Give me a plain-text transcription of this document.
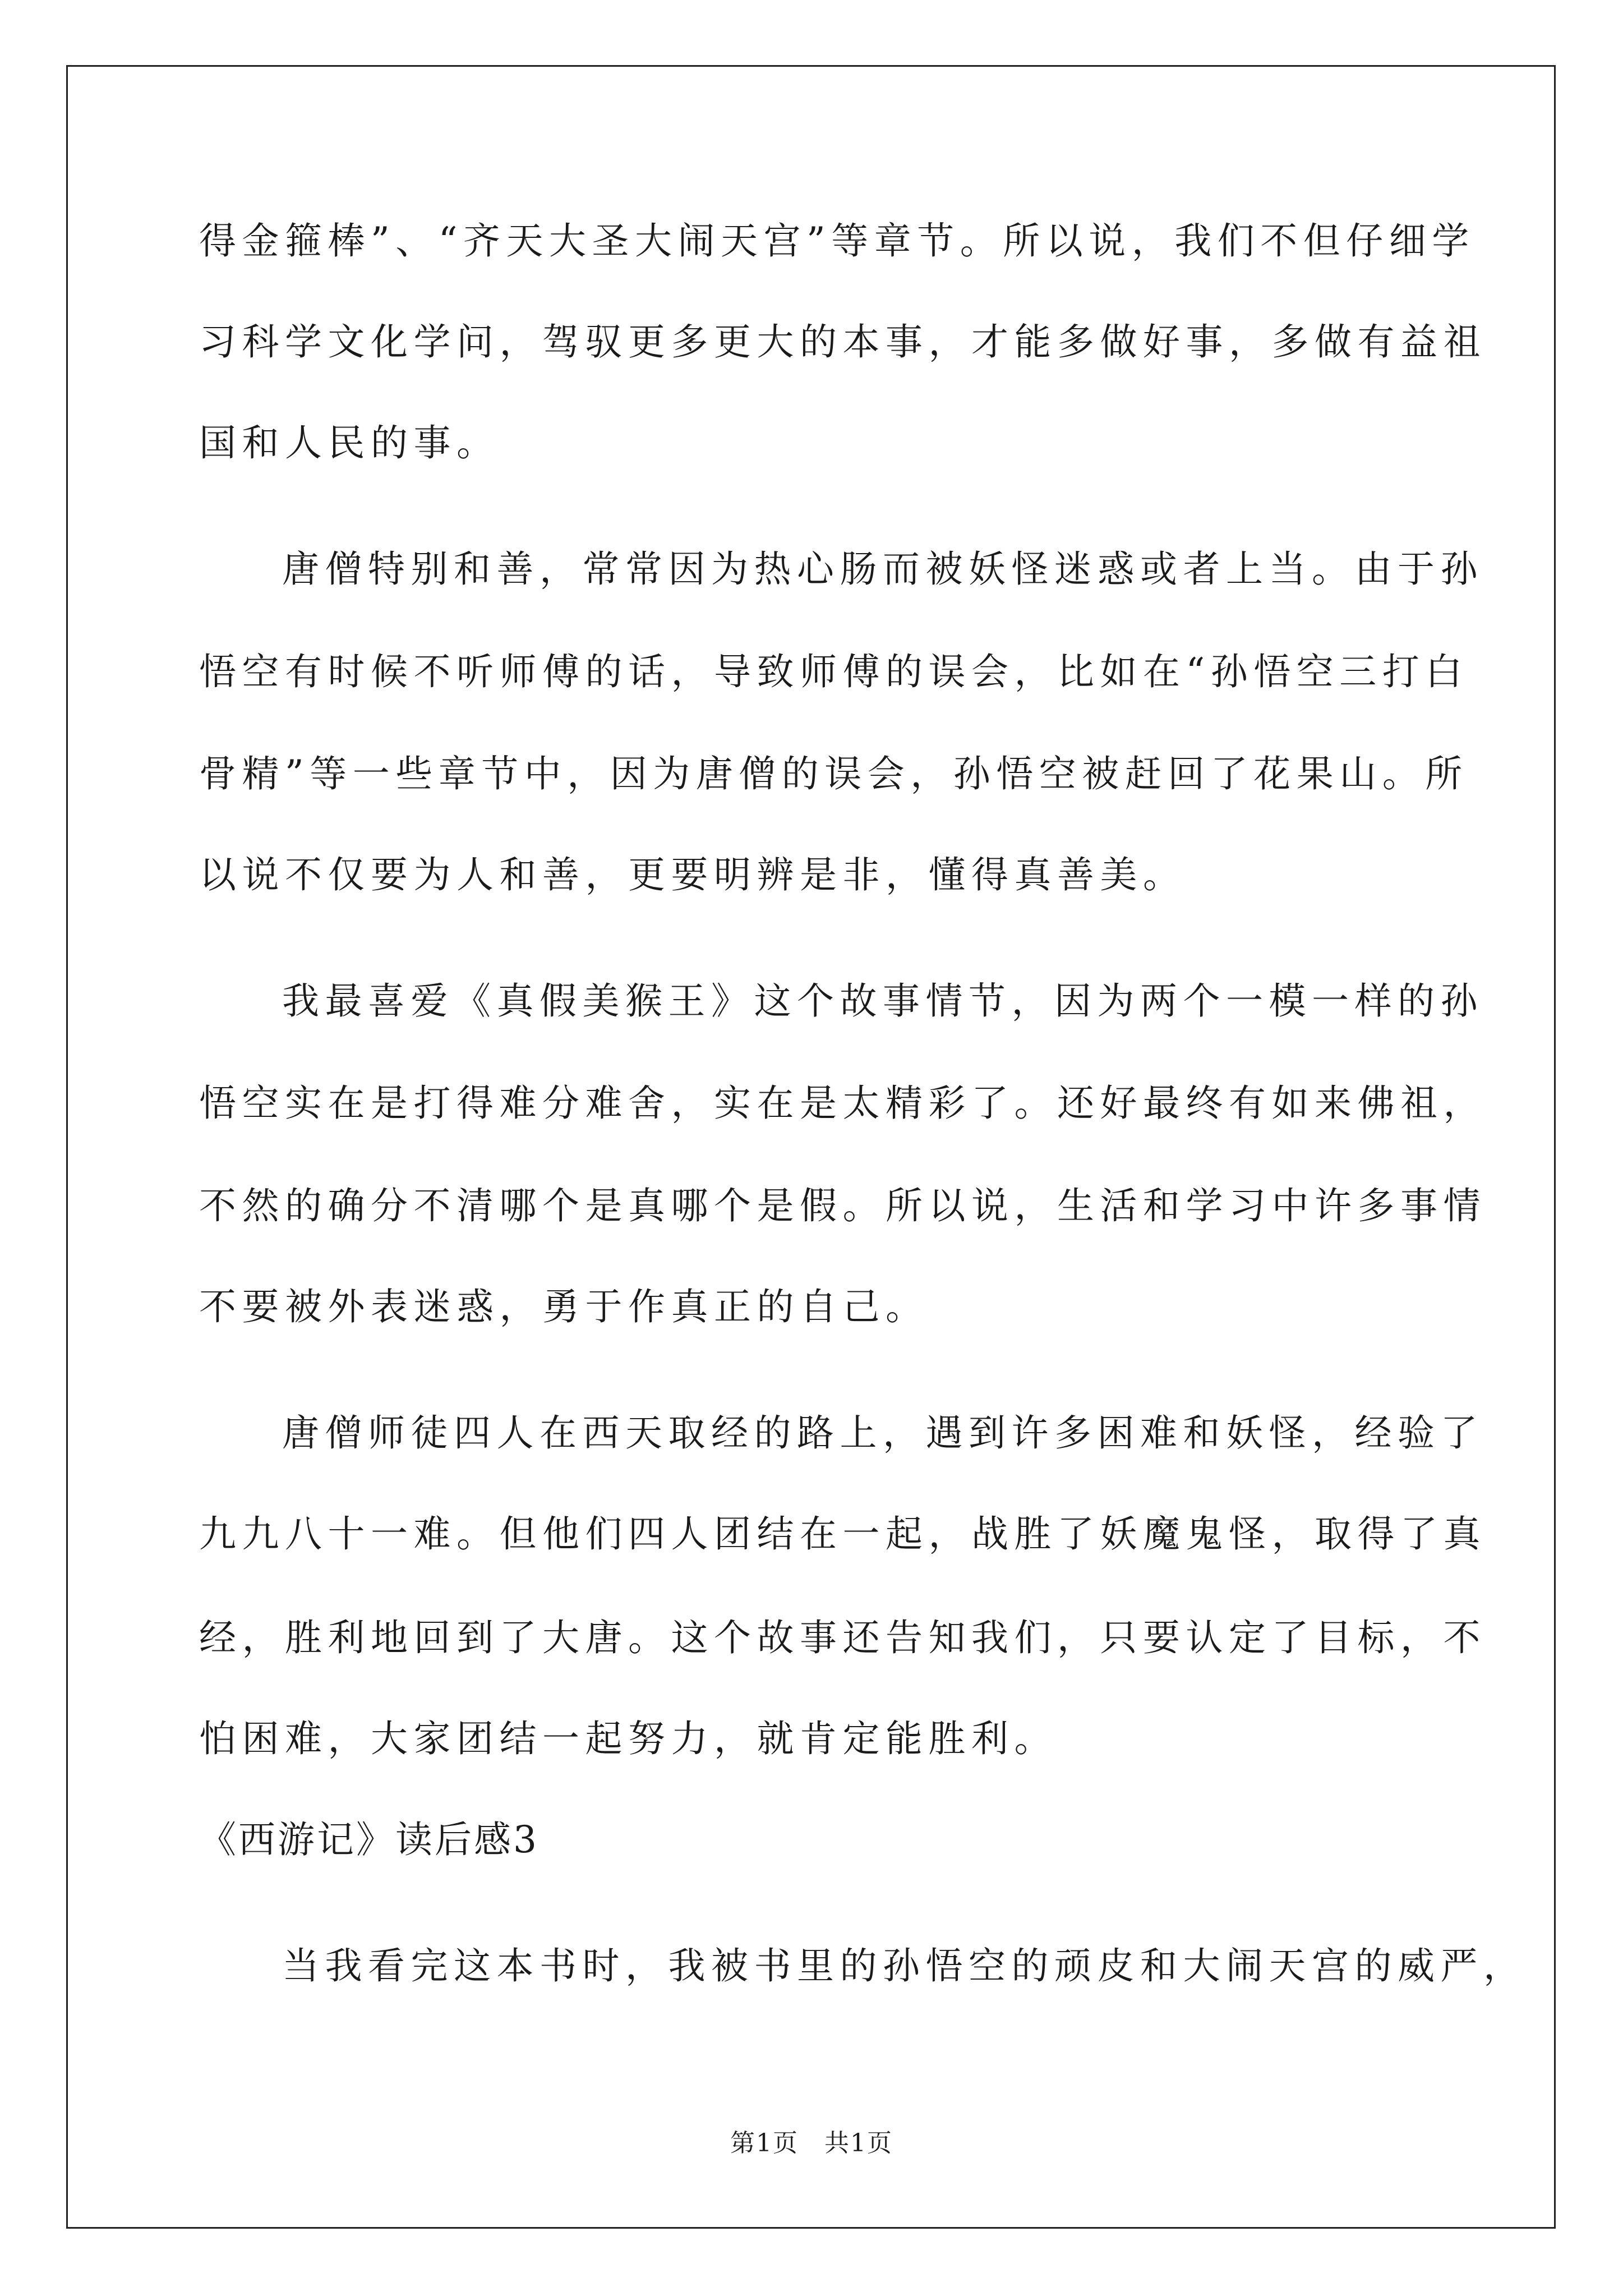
得金箍棒”、“齐天大圣大闹天宫”等章节。所以说，我们不但仔细学
习科学文化学问，驾驭更多更大的本事，才能多做好事，多做有益祖
国和人民的事。
唐僧特别和善，常常因为热心肠而被妖怪迷惑或者上当。由于孙
悟空有时候不听师傅的话，导致师傅的误会，比如在“孙悟空三打白
骨精”等一些章节中，因为唐僧的误会，孙悟空被赶回了花果山。所
以说不仅要为人和善，更要明辨是非，懂得真善美。
我最喜爱《真假美猴王》这个故事情节，因为两个一模一样的孙
悟空实在是打得难分难舍，实在是太精彩了。还好最终有如来佛祖，
不然的确分不清哪个是真哪个是假。所以说，生活和学习中许多事情
不要被外表迷惑，勇于作真正的自己。
唐僧师徒四人在西天取经的路上，遇到许多困难和妖怪，经验了
九九八十一难。但他们四人团结在一起，战胜了妖魔鬼怪，取得了真
经，胜利地回到了大唐。这个故事还告知我们，只要认定了目标，不
怕困难，大家团结一起努力，就肯定能胜利。
《西游记》读后感3
当我看完这本书时，我被书里的孙悟空的顽皮和大闹天宫的威严，
第1页　共1页
